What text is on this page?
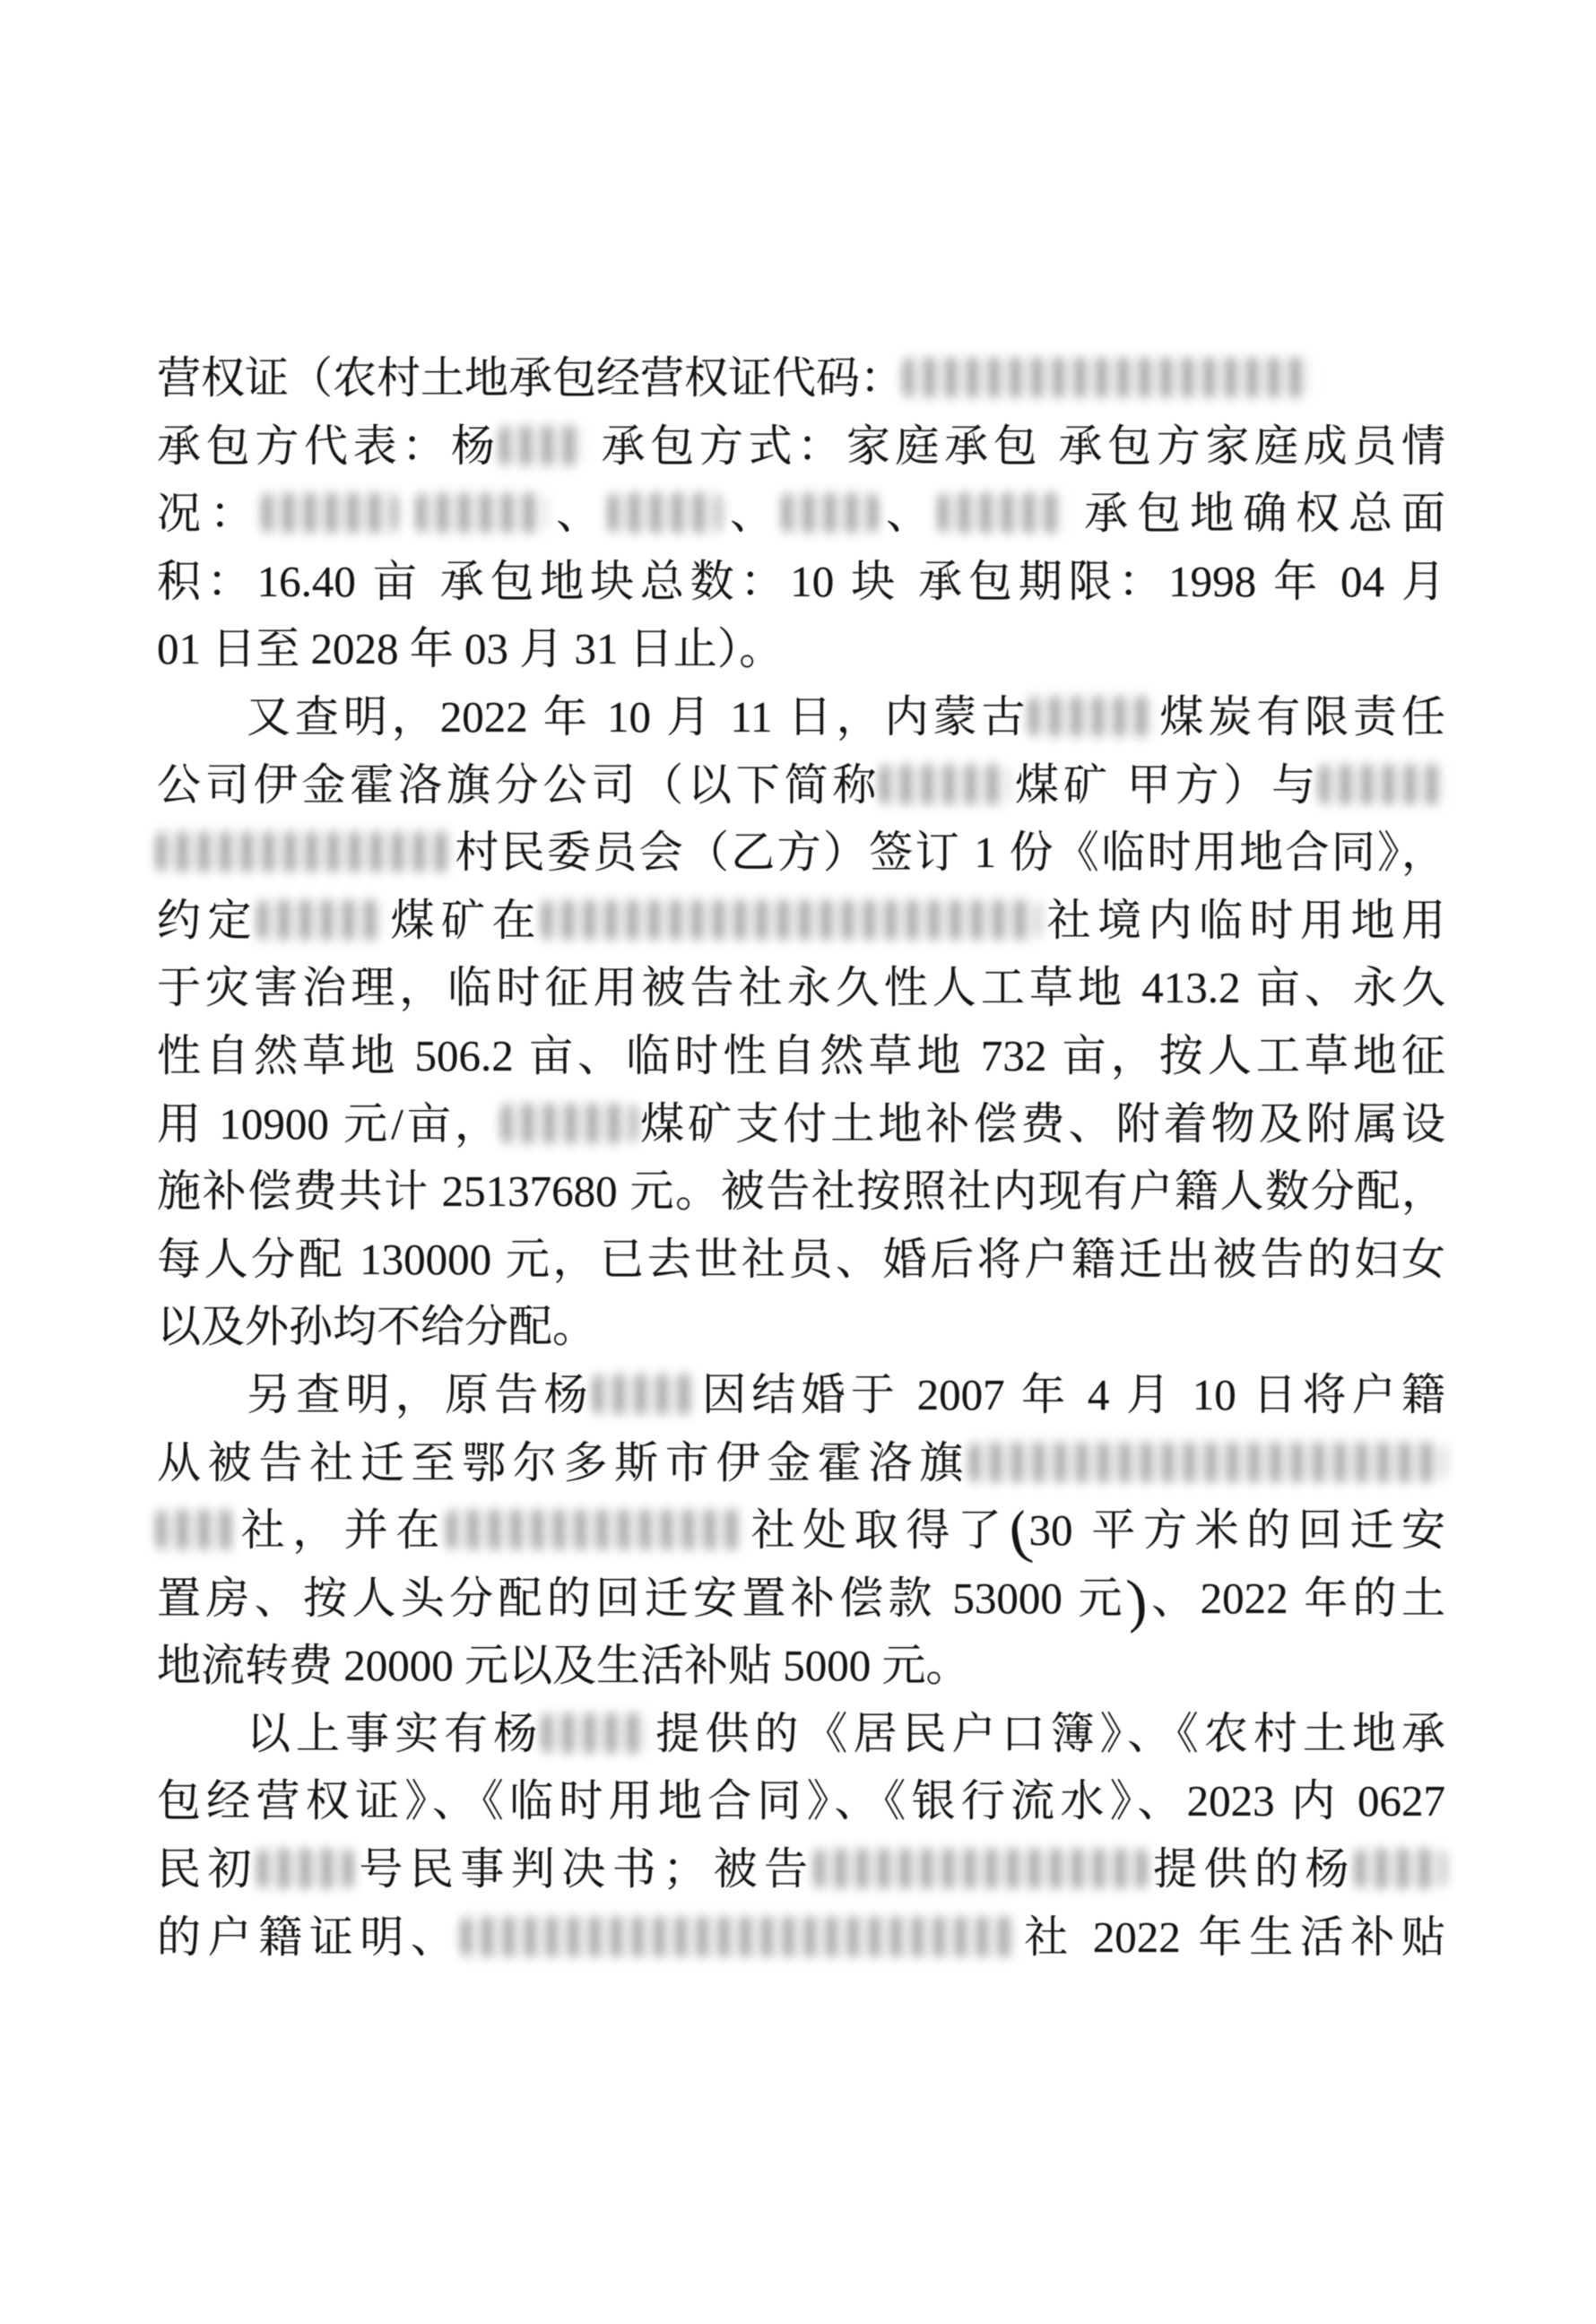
营权证（农村土地承包经营权证代码：
承包方代表：杨 承包方式：家庭承包 承包方家庭成员情
况：	、	、 、	承包地确权总面
积：16.40 亩 承包地块总数：10 块 承包期限：1998 年 04 月
01 日至 2028 年 03 月 31 日止）。
又查明，2022 年 10 月 11 日，内蒙古	煤炭有限责任
公司伊金霍洛旗分公司（以下简称	煤矿 甲方）与
村民委员会（乙方）签订 1 份《临时用地合同》，
约定	煤矿在	社境内临时用地用
于灾害治理，临时征用被告社永久性人工草地 413.2 亩、永久
性自然草地 506.2 亩、临时性自然草地 732 亩，按人工草地征
用 10900 元/亩，	煤矿支付土地补偿费、附着物及附属设
施补偿费共计 25137680 元。被告社按照社内现有户籍人数分配，
每人分配 130000 元，已去世社员、婚后将户籍迁出被告的妇女
以及外孙均不给分配。
另查明，原告杨 因结婚于 2007 年 4 月 10 日将户籍
从被告社迁至鄂尔多斯市伊金霍洛旗
社，并在	社处取得了(30 平方米的回迁安
置房、按人头分配的回迁安置补偿款 53000 元)、2022 年的土
地流转费 20000 元以及生活补贴 5000 元。
以上事实有杨 提供的《居民户口簿》、《农村土地承
包经营权证》、《临时用地合同》、《银行流水》、2023 内 0627
民初 号民事判决书；被告	提供的杨
的户籍证明、	社 2022 年生活补贴
